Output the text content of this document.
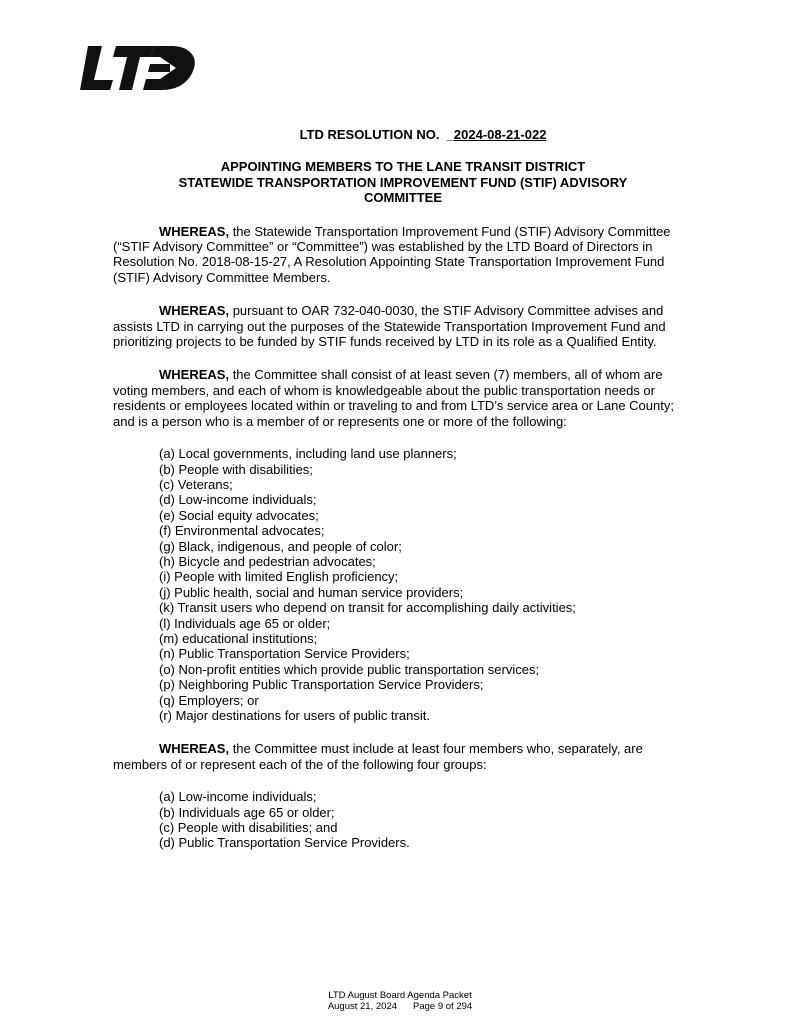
LTD RESOLUTION NO.  _2024-08-21-022
APPOINTING MEMBERS TO THE LANE TRANSIT DISTRICT
STATEWIDE TRANSPORTATION IMPROVEMENT FUND (STIF) ADVISORY
COMMITTEE

WHEREAS, the Statewide Transportation Improvement Fund (STIF) Advisory Committee (“STIF Advisory Committee” or “Committee”) was established by the LTD Board of Directors in Resolution No. 2018-08-15-27, A Resolution Appointing State Transportation Improvement Fund (STIF) Advisory Committee Members.

WHEREAS, pursuant to OAR 732-040-0030, the STIF Advisory Committee advises and assists LTD in carrying out the purposes of the Statewide Transportation Improvement Fund and prioritizing projects to be funded by STIF funds received by LTD in its role as a Qualified Entity.

WHEREAS, the Committee shall consist of at least seven (7) members, all of whom are voting members, and each of whom is knowledgeable about the public transportation needs or residents or employees located within or traveling to and from LTD’s service area or Lane County; and is a person who is a member of or represents one or more of the following:

(a) Local governments, including land use planners;
(b) People with disabilities;
(c) Veterans;
(d) Low-income individuals;
(e) Social equity advocates;
(f) Environmental advocates;
(g) Black, indigenous, and people of color;
(h) Bicycle and pedestrian advocates;
(i) People with limited English proficiency;
(j) Public health, social and human service providers;
(k) Transit users who depend on transit for accomplishing daily activities;
(l) Individuals age 65 or older;
(m) educational institutions;
(n) Public Transportation Service Providers;
(o) Non-profit entities which provide public transportation services;
(p) Neighboring Public Transportation Service Providers;
(q) Employers; or
(r) Major destinations for users of public transit.

WHEREAS, the Committee must include at least four members who, separately, are members of or represent each of the of the following four groups:

(a) Low-income individuals;
(b) Individuals age 65 or older;
(c) People with disabilities; and
(d) Public Transportation Service Providers.
LTD August Board Agenda Packet
August 21, 2024 Page 9 of 294
